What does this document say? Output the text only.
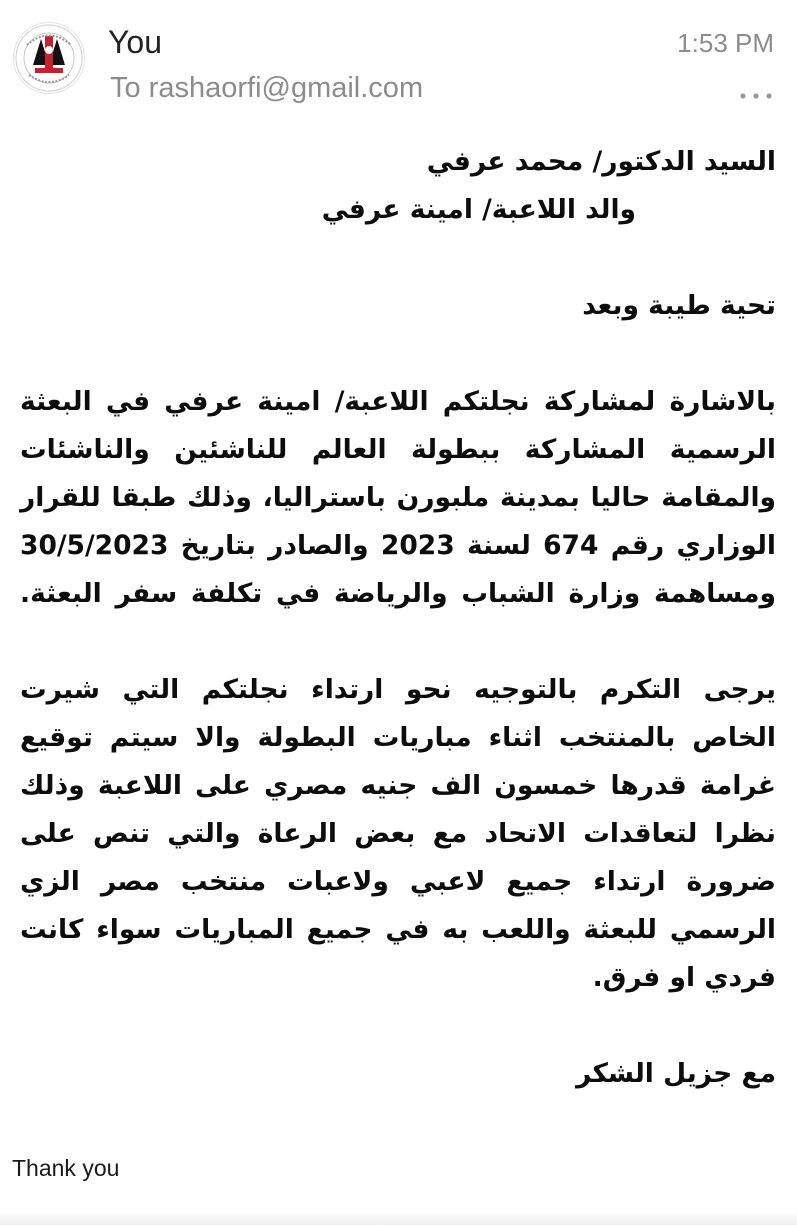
You
To rashaorfi@gmail.com
1:53 PM
السيد الدكتور/ محمد عرفي
والد اللاعبة/ امينة عرفي
تحية طيبة وبعد
بالاشارة لمشاركة نجلتكم اللاعبة/ امينة عرفي في البعثة
الرسمية المشاركة ببطولة العالم للناشئين والناشئات
والمقامة حاليا بمدينة ملبورن باستراليا، وذلك طبقا للقرار
الوزاري رقم 674 لسنة 2023 والصادر بتاريخ 30/5/2023
ومساهمة وزارة الشباب والرياضة في تكلفة سفر البعثة.
يرجى التكرم بالتوجيه نحو ارتداء نجلتكم التي شيرت
الخاص بالمنتخب اثناء مباريات البطولة والا سيتم توقيع
غرامة قدرها خمسون الف جنيه مصري على اللاعبة وذلك
نظرا لتعاقدات الاتحاد مع بعض الرعاة والتي تنص على
ضرورة ارتداء جميع لاعبي ولاعبات منتخب مصر الزي
الرسمي للبعثة واللعب به في جميع المباريات سواء كانت
فردي او فرق.
مع جزيل الشكر
Thank you
